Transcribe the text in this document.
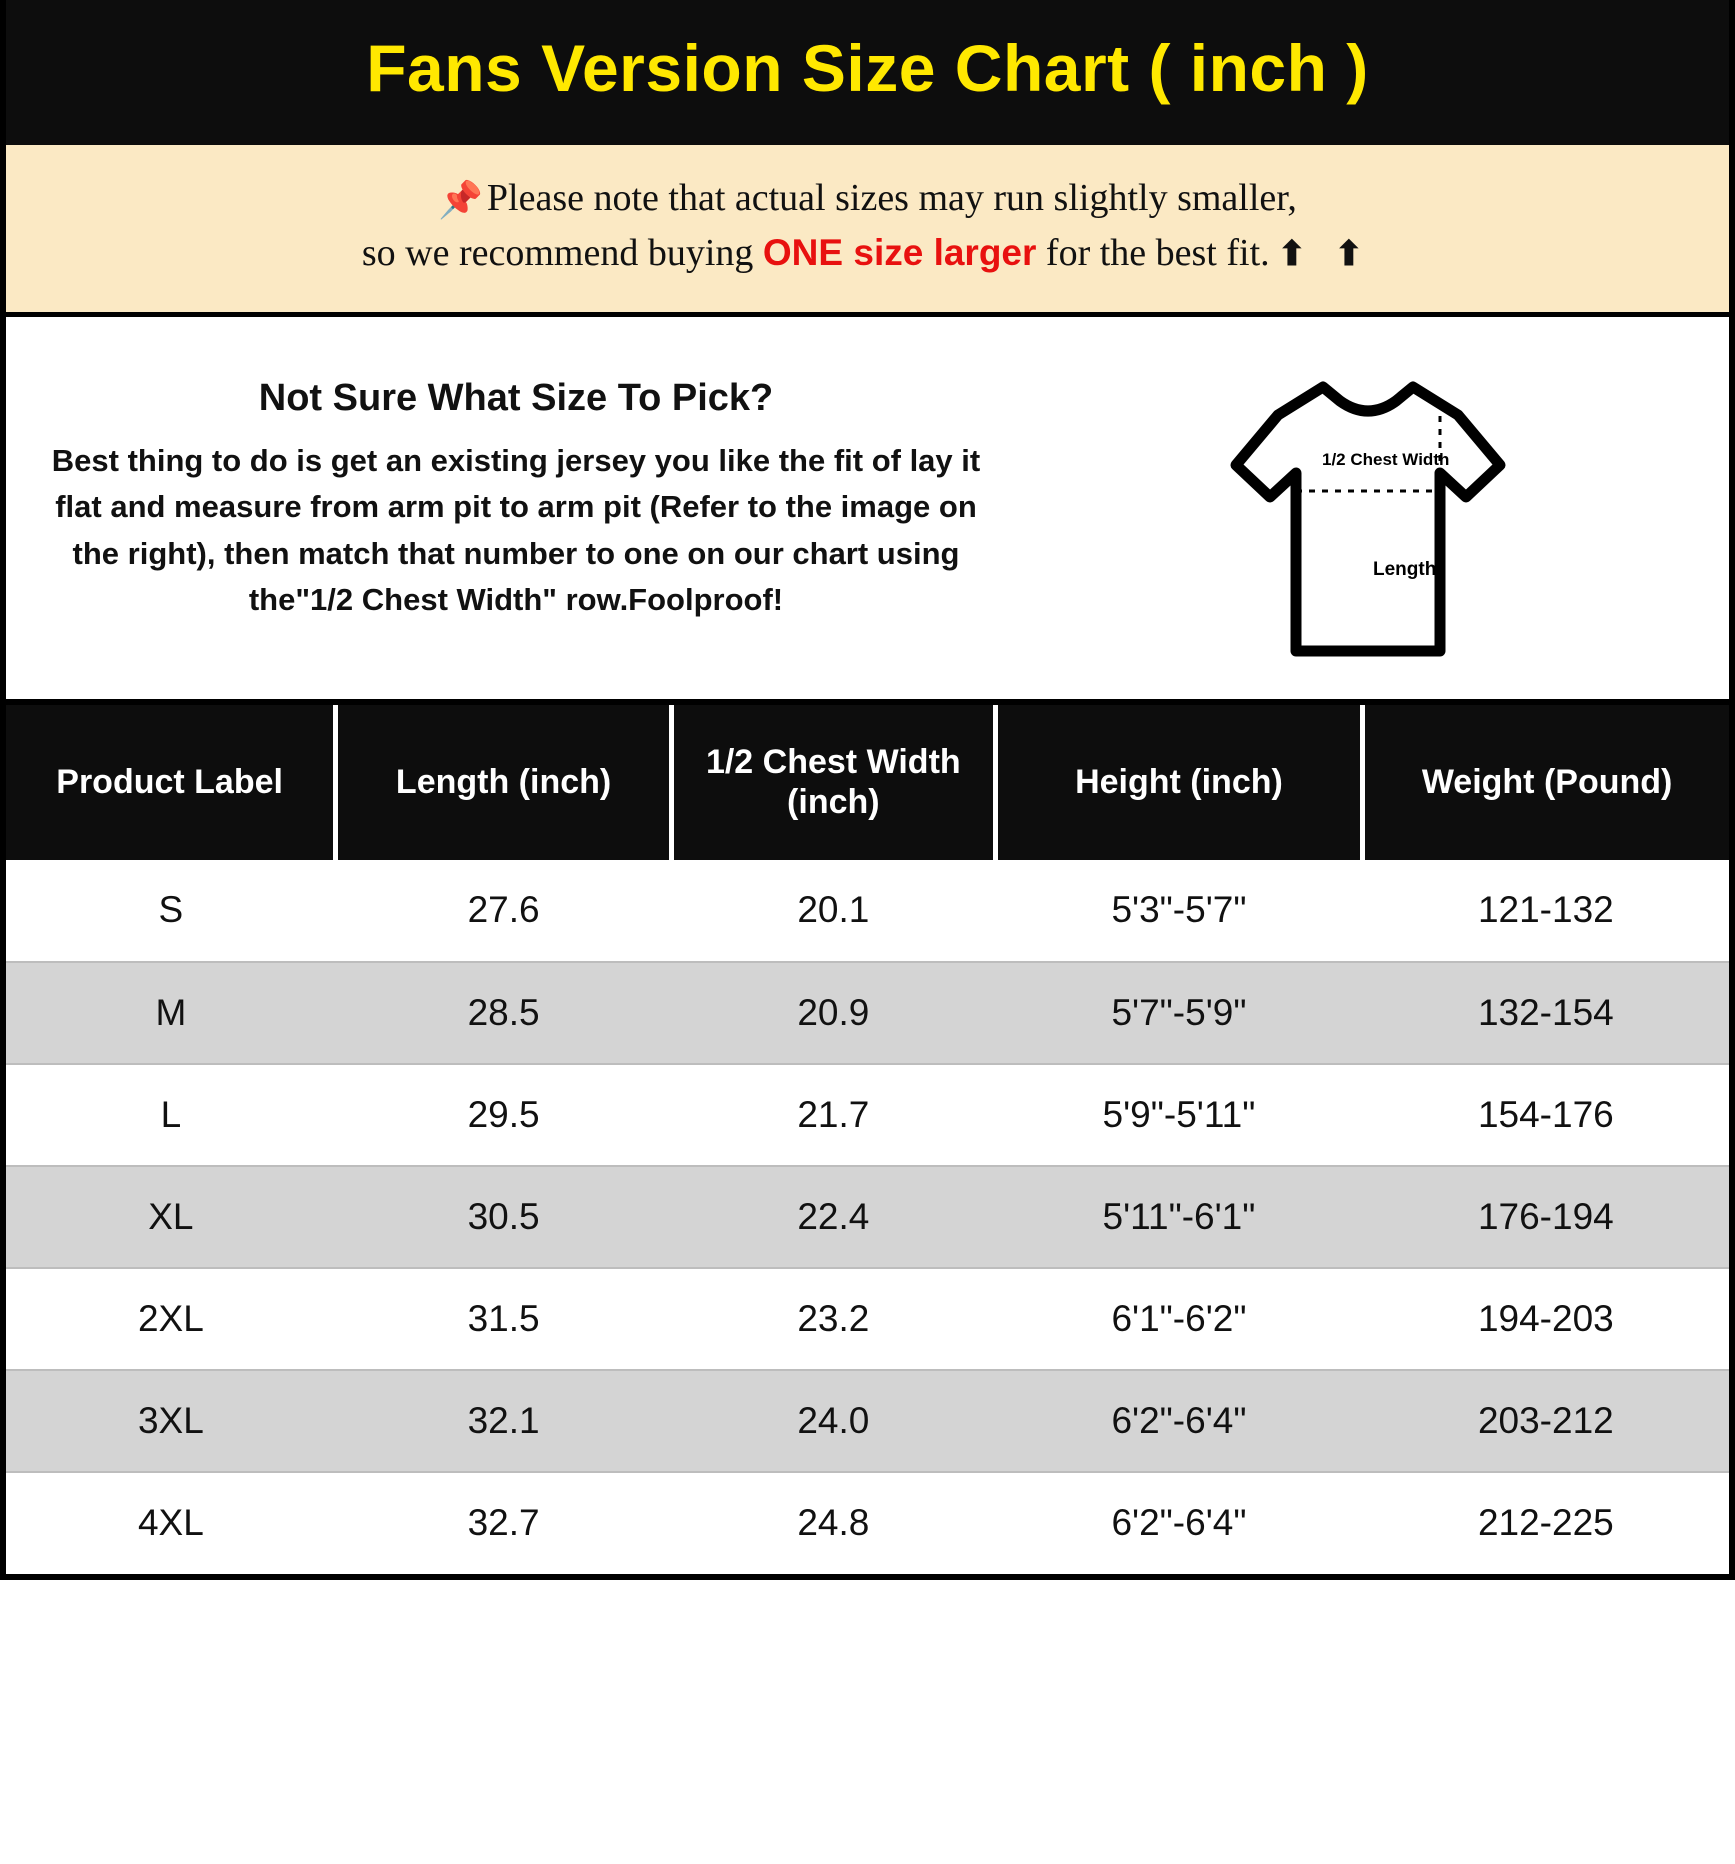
Fans Version Size Chart ( inch )
📌 Please note that actual sizes may run slightly smaller,
so we recommend buying ONE size larger for the best fit. ⬆ ⬆
Not Sure What Size To Pick?
Best thing to do is get an existing jersey you like the fit of lay it flat and measure from arm pit to arm pit (Refer to the image on the right), then match that number to one on our chart using the"1/2 Chest Width" row.Foolproof!
1/2 Chest Width
Length
Product Label	Length (inch)	1/2 Chest Width (inch)	Height (inch)	Weight (Pound)
S	27.6	20.1	5'3"-5'7"	121-132
M	28.5	20.9	5'7"-5'9"	132-154
L	29.5	21.7	5'9"-5'11"	154-176
XL	30.5	22.4	5'11"-6'1"	176-194
2XL	31.5	23.2	6'1"-6'2"	194-203
3XL	32.1	24.0	6'2"-6'4"	203-212
4XL	32.7	24.8	6'2"-6'4"	212-225
